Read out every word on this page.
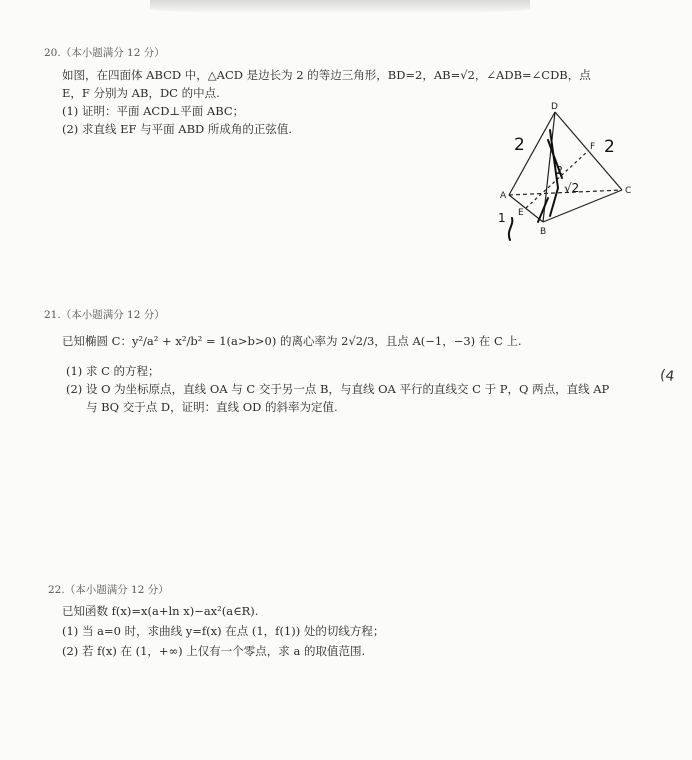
20.（本小题满分 12 分）
如图，在四面体 ABCD 中，△ACD 是边长为 2 的等边三角形，BD=2，AB=√2，∠ADB=∠CDB，点
E，F 分别为 AB，DC 的中点.
(1) 证明：平面 ACD⊥平面 ABC；
(2) 求直线 EF 与平面 ABD 所成角的正弦值.
D
A
B
C
E
F
2	2
2
√2
1
21.（本小题满分 12 分）
已知椭圆 C：y²/a² + x²/b² = 1(a>b>0) 的离心率为 2√2/3，且点 A(−1，−3) 在 C 上.
(1) 求 C 的方程；
(2) 设 O 为坐标原点，直线 OA 与 C 交于另一点 B，与直线 OA 平行的直线交 C 于 P，Q 两点，直线 AP
与 BQ 交于点 D，证明：直线 OD 的斜率为定值.
(4
22.（本小题满分 12 分）
已知函数 f(x)=x(a+ln x)−ax²(a∈R).
(1) 当 a=0 时，求曲线 y=f(x) 在点 (1，f(1)) 处的切线方程；
(2) 若 f(x) 在 (1，+∞) 上仅有一个零点，求 a 的取值范围.
